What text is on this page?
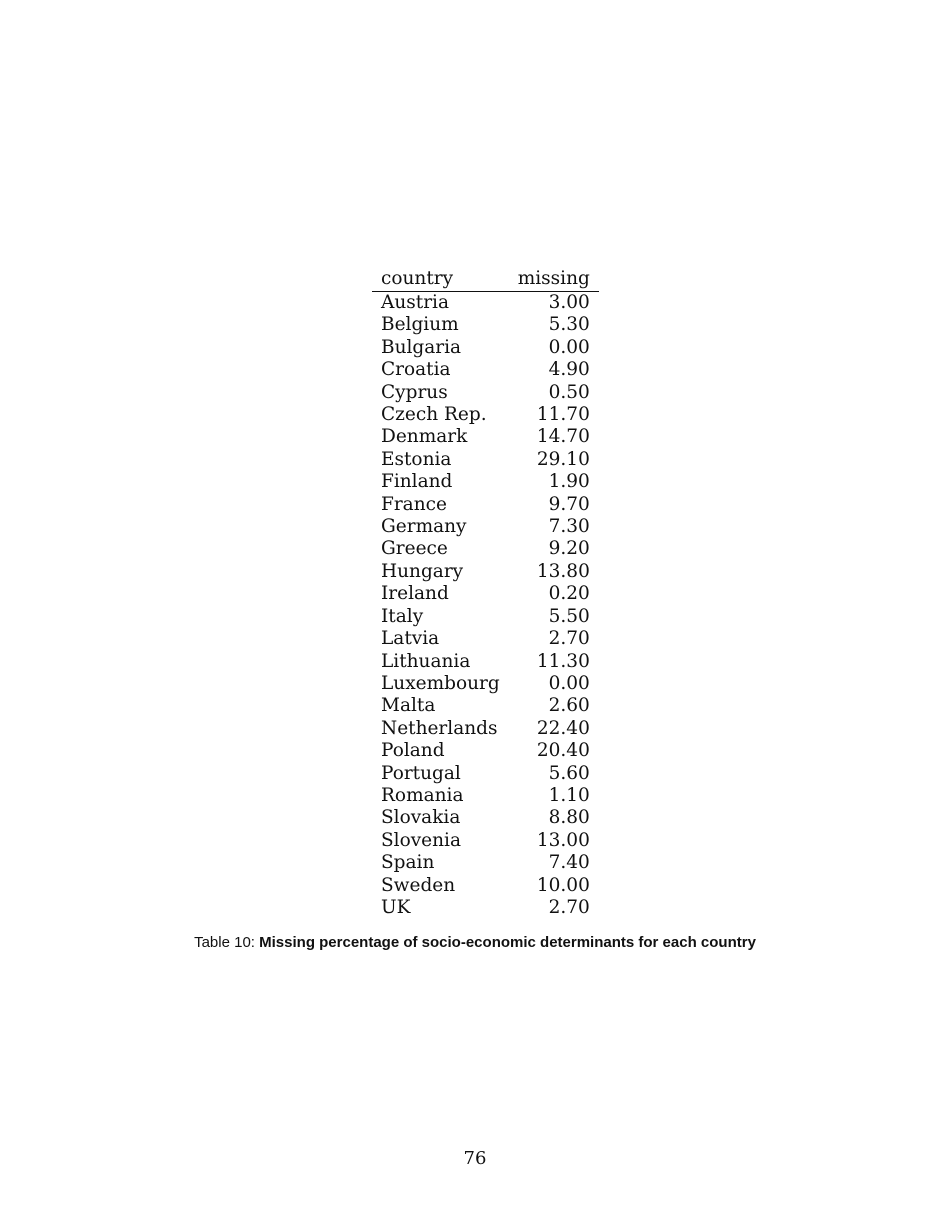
country	missing
Austria	3.00
Belgium	5.30
Bulgaria	0.00
Croatia	4.90
Cyprus	0.50
Czech Rep.	11.70
Denmark	14.70
Estonia	29.10
Finland	1.90
France	9.70
Germany	7.30
Greece	9.20
Hungary	13.80
Ireland	0.20
Italy	5.50
Latvia	2.70
Lithuania	11.30
Luxembourg	0.00
Malta	2.60
Netherlands	22.40
Poland	20.40
Portugal	5.60
Romania	1.10
Slovakia	8.80
Slovenia	13.00
Spain	7.40
Sweden	10.00
UK	2.70
Table 10: Missing percentage of socio-economic determinants for each country
76
